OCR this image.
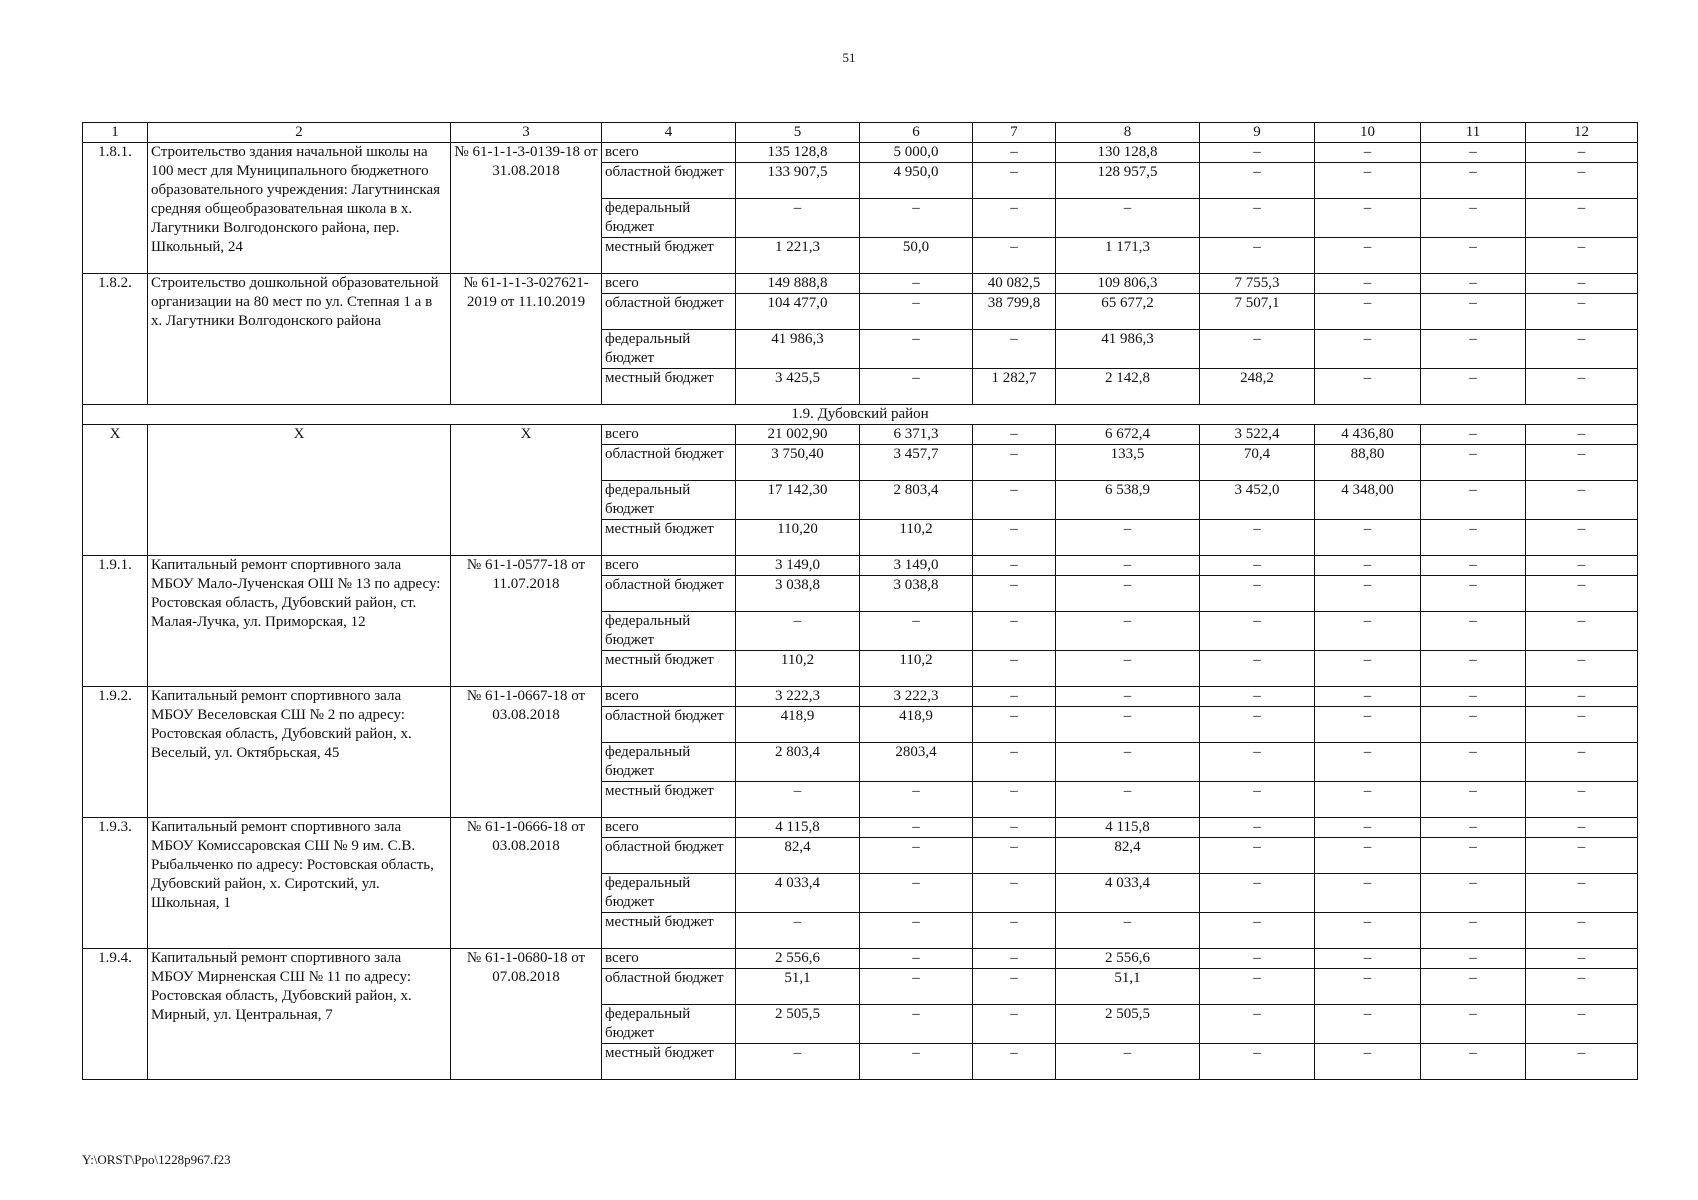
51
1	2	3	4	5	6	7	8	9	10	11	12
1.8.1.	Строительство здания начальной школы на 100 мест для Муниципального бюджетного образовательного учреждения: Лагутнинская средняя общеобразовательная школа в х. Лагутники Волгодонского района, пер. Школьный, 24	№ 61-1-1-3-0139-18 от 31.08.2018	всего	135 128,8	5 000,0	–	130 128,8	–	–	–	–
			областной бюджет	133 907,5	4 950,0	–	128 957,5	–	–	–	–
			федеральный бюджет	–	–	–	–	–	–	–	–
			местный бюджет	1 221,3	50,0	–	1 171,3	–	–	–	–
1.8.2.	Строительство дошкольной образовательной организации на 80 мест по ул. Степная 1 а в х. Лагутники Волгодонского района	№ 61-1-1-3-027621-2019 от 11.10.2019	всего	149 888,8	–	40 082,5	109 806,3	7 755,3	–	–	–
			областной бюджет	104 477,0	–	38 799,8	65 677,2	7 507,1	–	–	–
			федеральный бюджет	41 986,3	–	–	41 986,3	–	–	–	–
			местный бюджет	3 425,5	–	1 282,7	2 142,8	248,2	–	–	–
1.9. Дубовский район											
Х	Х	Х	всего	21 002,90	6 371,3	–	6 672,4	3 522,4	4 436,80	–	–
			областной бюджет	3 750,40	3 457,7	–	133,5	70,4	88,80	–	–
			федеральный бюджет	17 142,30	2 803,4	–	6 538,9	3 452,0	4 348,00	–	–
			местный бюджет	110,20	110,2	–	–	–	–	–	–
1.9.1.	Капитальный ремонт спортивного зала МБОУ Мало-Лученская ОШ № 13 по адресу: Ростовская область, Дубовский район, ст. Малая-Лучка, ул. Приморская, 12	№ 61-1-0577-18 от 11.07.2018	всего	3 149,0	3 149,0	–	–	–	–	–	–
			областной бюджет	3 038,8	3 038,8	–	–	–	–	–	–
			федеральный бюджет	–	–	–	–	–	–	–	–
			местный бюджет	110,2	110,2	–	–	–	–	–	–
1.9.2.	Капитальный ремонт спортивного зала МБОУ Веселовская СШ № 2 по адресу: Ростовская область, Дубовский район, х. Веселый, ул. Октябрьская, 45	№ 61-1-0667-18 от 03.08.2018	всего	3 222,3	3 222,3	–	–	–	–	–	–
			областной бюджет	418,9	418,9	–	–	–	–	–	–
			федеральный бюджет	2 803,4	2803,4	–	–	–	–	–	–
			местный бюджет	–	–	–	–	–	–	–	–
1.9.3.	Капитальный ремонт спортивного зала МБОУ Комиссаровская СШ № 9 им. С.В. Рыбальченко по адресу: Ростовская область, Дубовский район, х. Сиротский, ул. Школьная, 1	№ 61-1-0666-18 от 03.08.2018	всего	4 115,8	–	–	4 115,8	–	–	–	–
			областной бюджет	82,4	–	–	82,4	–	–	–	–
			федеральный бюджет	4 033,4	–	–	4 033,4	–	–	–	–
			местный бюджет	–	–	–	–	–	–	–	–
1.9.4.	Капитальный ремонт спортивного зала МБОУ Мирненская СШ № 11 по адресу: Ростовская область, Дубовский район, х. Мирный, ул. Центральная, 7	№ 61-1-0680-18 от 07.08.2018	всего	2 556,6	–	–	2 556,6	–	–	–	–
			областной бюджет	51,1	–	–	51,1	–	–	–	–
			федеральный бюджет	2 505,5	–	–	2 505,5	–	–	–	–
			местный бюджет	–	–	–	–	–	–	–	–
Y:\ORST\Ppo\1228p967.f23
